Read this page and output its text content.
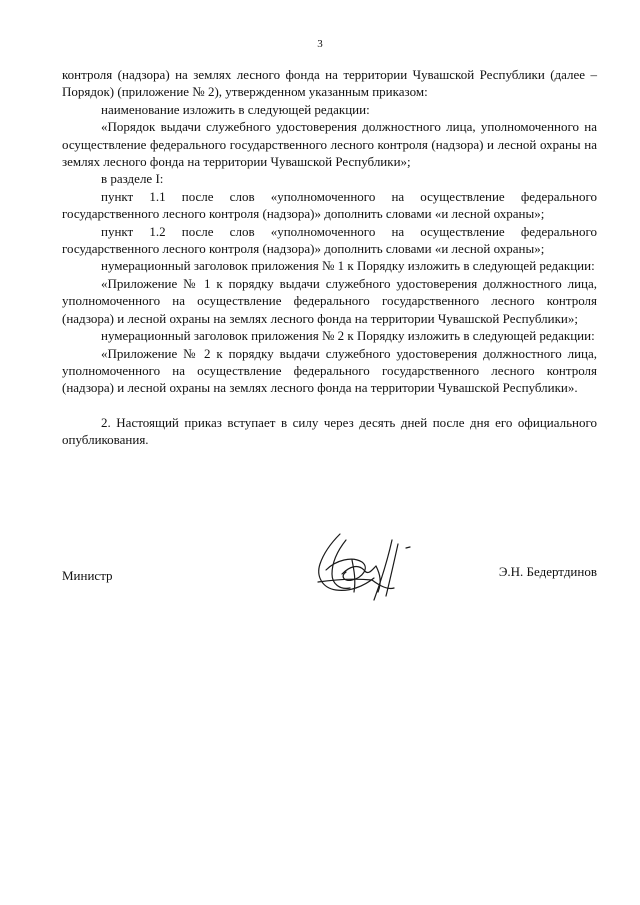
3

контроля (надзора) на землях лесного фонда на территории Чувашской Республики (далее – Порядок) (приложение № 2), утвержденном указанным приказом:

наименование изложить в следующей редакции:

«Порядок выдачи служебного удостоверения должностного лица, уполномоченного на осуществление федерального государственного лесного контроля (надзора) и лесной охраны на землях лесного фонда на территории Чувашской Республики»;

в разделе I:

пункт 1.1 после слов «уполномоченного на осуществление федерального государственного лесного контроля (надзора)» дополнить словами «и лесной охраны»;

пункт 1.2 после слов «уполномоченного на осуществление федерального государственного лесного контроля (надзора)» дополнить словами «и лесной охраны»;

нумерационный заголовок приложения № 1 к Порядку изложить в следующей редакции:

«Приложение № 1 к порядку выдачи служебного удостоверения должностного лица, уполномоченного на осуществление федерального государственного лесного контроля (надзора) и лесной охраны на землях лесного фонда на территории Чувашской Республики»;

нумерационный заголовок приложения № 2 к Порядку изложить в следующей редакции:

«Приложение № 2 к порядку выдачи служебного удостоверения должностного лица, уполномоченного на осуществление федерального государственного лесного контроля (надзора) и лесной охраны на землях лесного фонда на территории Чувашской Республики».

2. Настоящий приказ вступает в силу через десять дней после дня его официального опубликования.

Министр	Э.Н. Бедертдинов
